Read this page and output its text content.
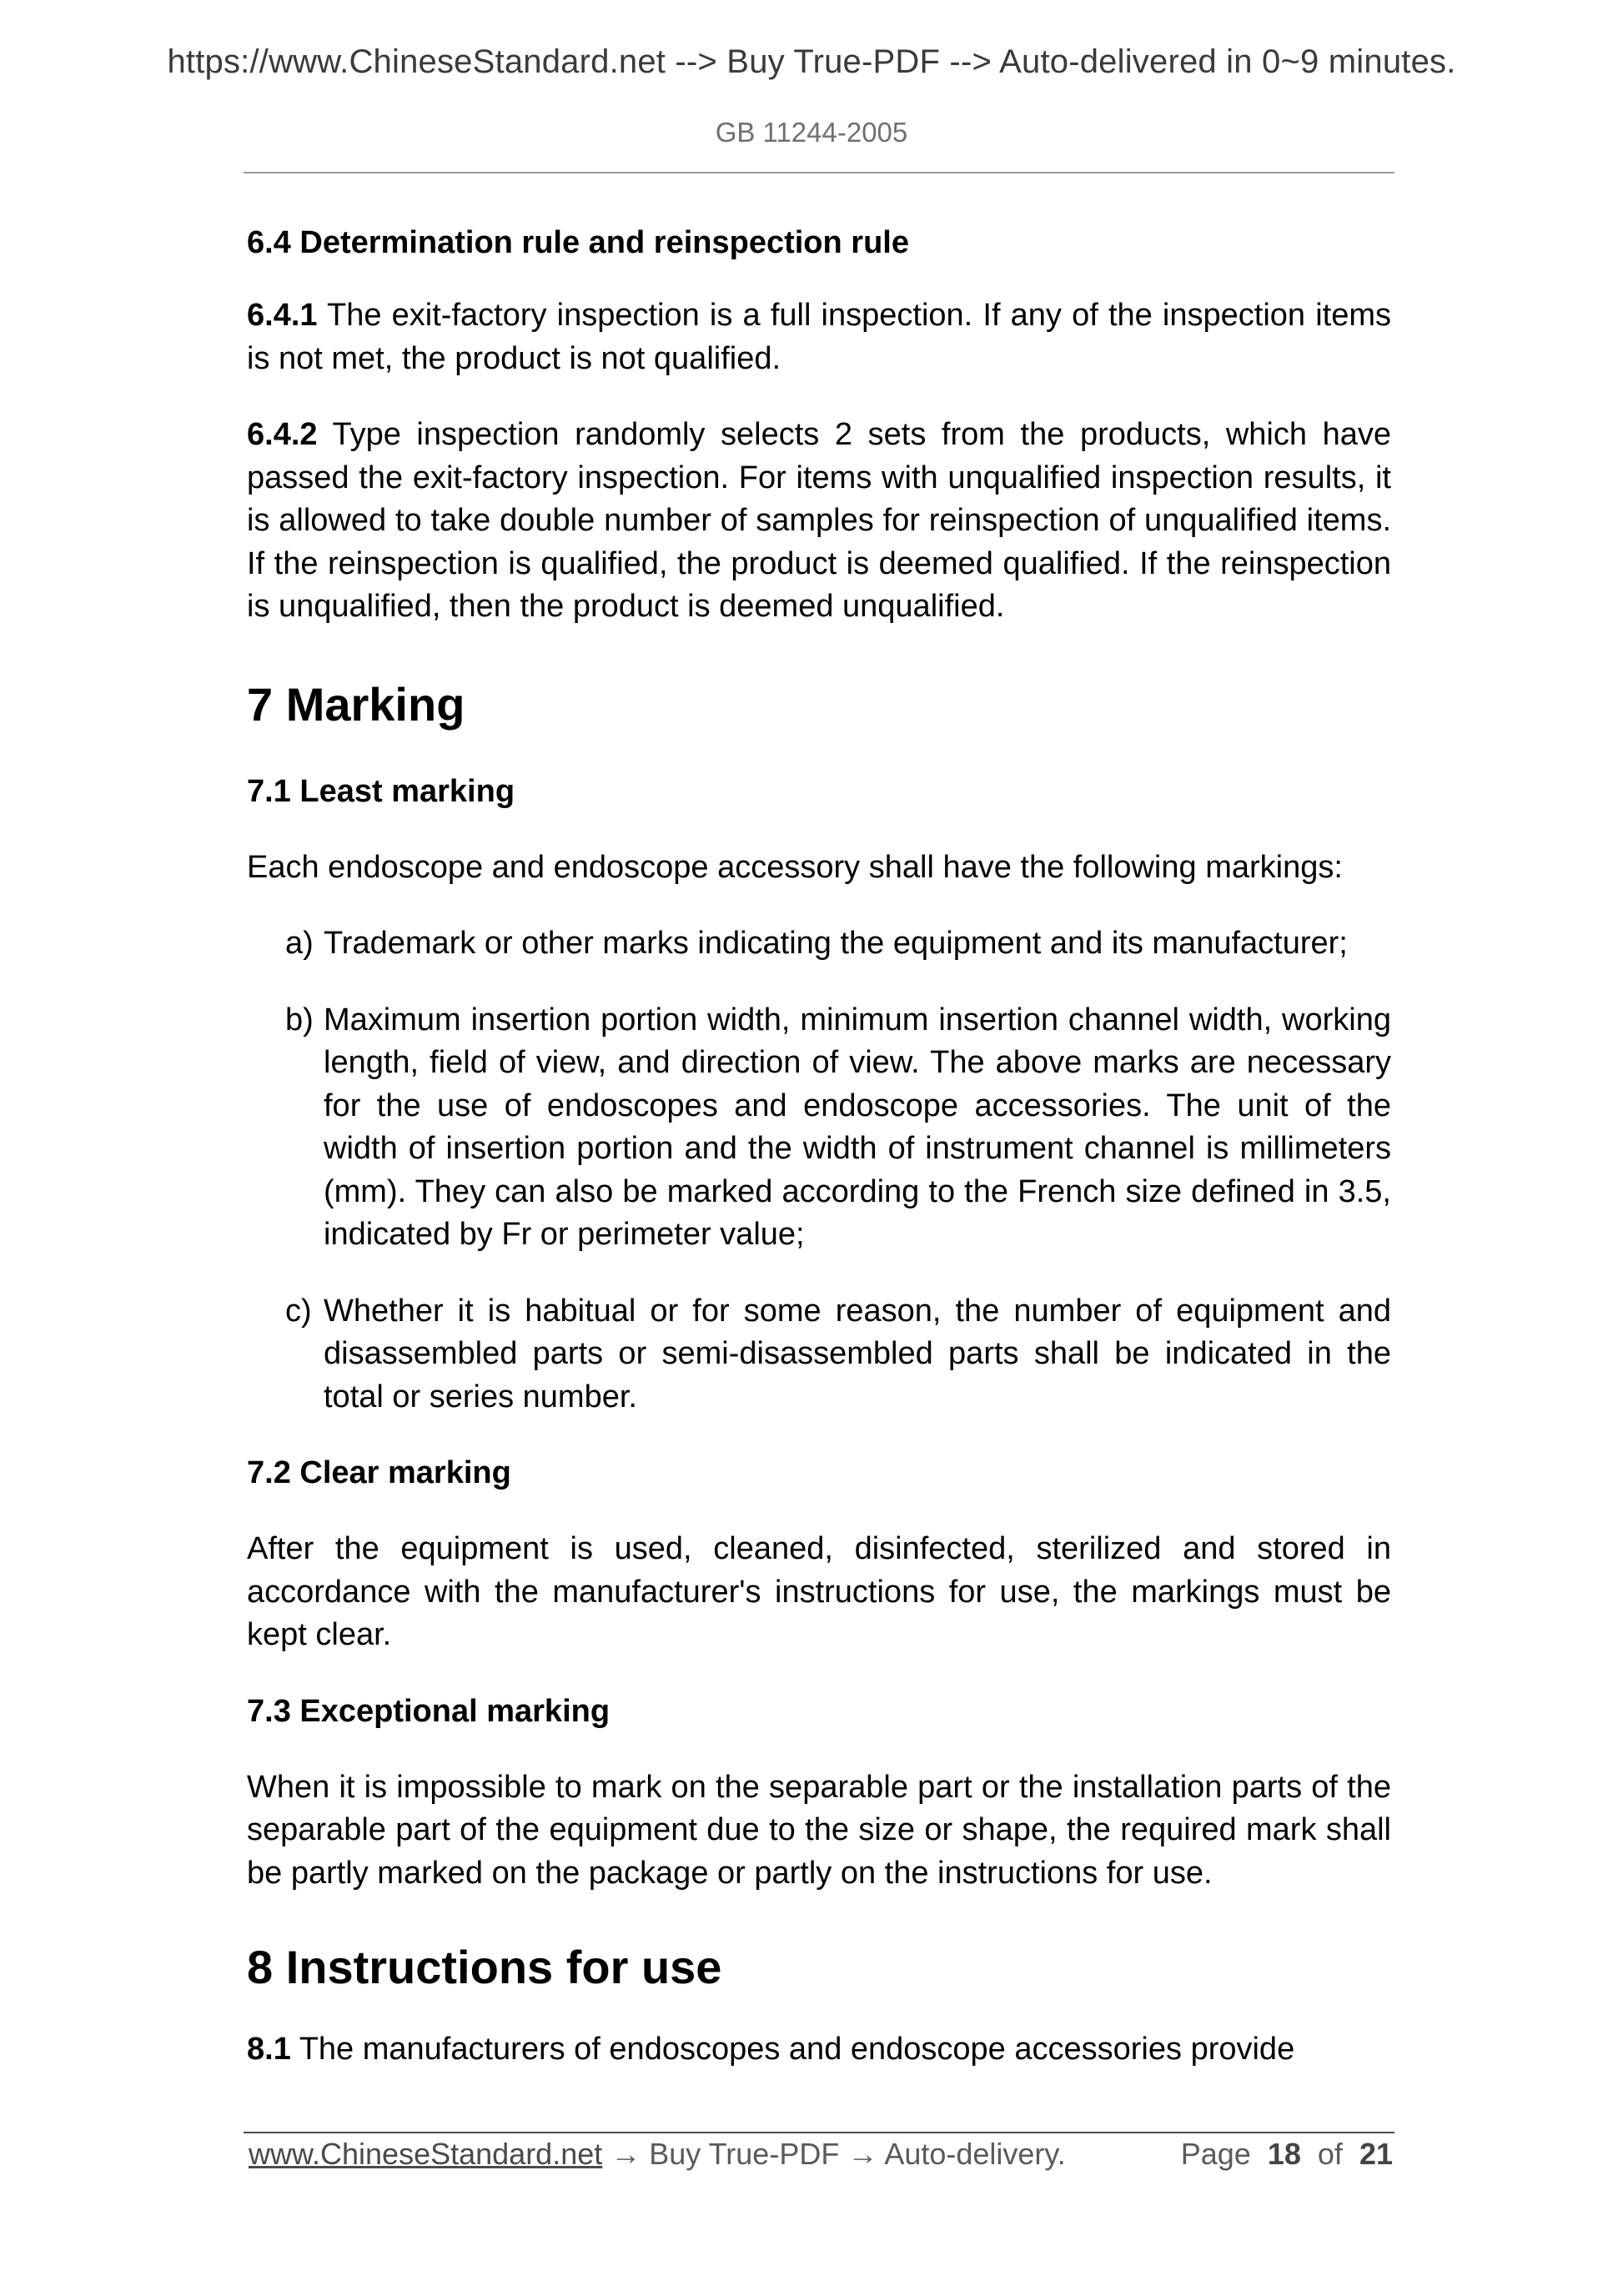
https://www.ChineseStandard.net --> Buy True-PDF --> Auto-delivered in 0~9 minutes.
GB 11244-2005

6.4 Determination rule and reinspection rule

6.4.1 The exit-factory inspection is a full inspection. If any of the inspection items is not met, the product is not qualified.

6.4.2 Type inspection randomly selects 2 sets from the products, which have passed the exit-factory inspection. For items with unqualified inspection results, it is allowed to take double number of samples for reinspection of unqualified items. If the reinspection is qualified, the product is deemed qualified. If the reinspection is unqualified, then the product is deemed unqualified.

7 Marking

7.1 Least marking

Each endoscope and endoscope accessory shall have the following markings:

a) Trademark or other marks indicating the equipment and its manufacturer;
b) Maximum insertion portion width, minimum insertion channel width, working length, field of view, and direction of view. The above marks are necessary for the use of endoscopes and endoscope accessories. The unit of the width of insertion portion and the width of instrument channel is millimeters (mm). They can also be marked according to the French size defined in 3.5, indicated by Fr or perimeter value;
c) Whether it is habitual or for some reason, the number of equipment and disassembled parts or semi-disassembled parts shall be indicated in the total or series number.

7.2 Clear marking

After the equipment is used, cleaned, disinfected, sterilized and stored in accordance with the manufacturer's instructions for use, the markings must be kept clear.

7.3 Exceptional marking

When it is impossible to mark on the separable part or the installation parts of the separable part of the equipment due to the size or shape, the required mark shall be partly marked on the package or partly on the instructions for use.

8 Instructions for use

8.1 The manufacturers of endoscopes and endoscope accessories provide

www.ChineseStandard.net → Buy True-PDF → Auto-delivery.	Page 18 of 21
